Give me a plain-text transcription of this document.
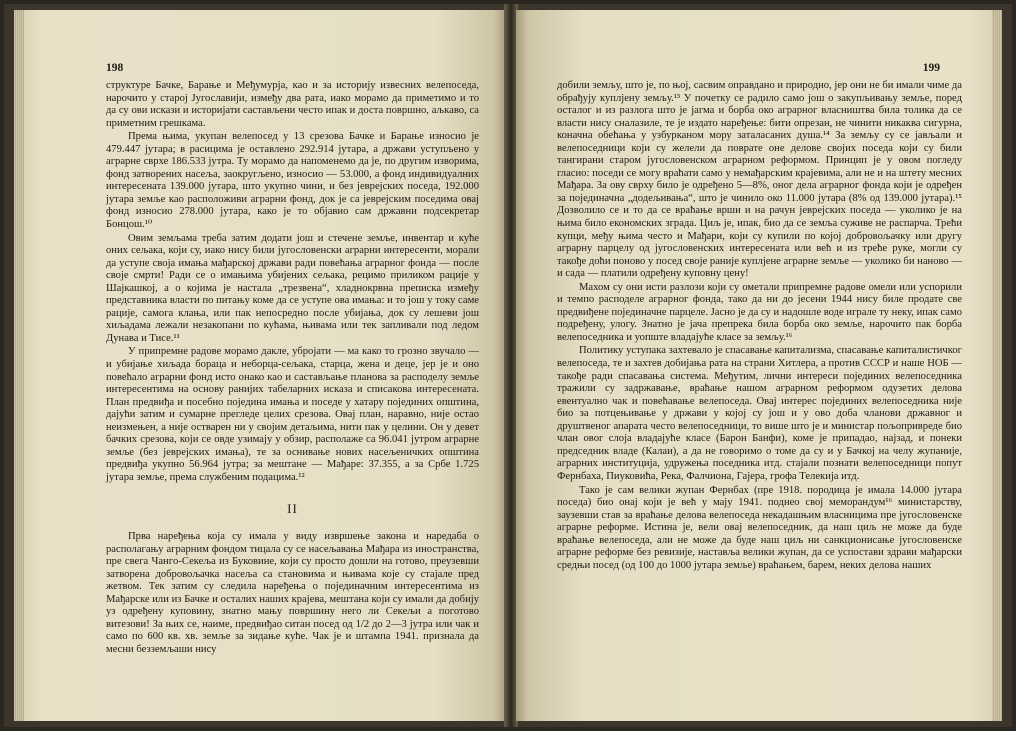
198

структуре Бачке, Барање и Међумурја, као и за историју извесних велепоседа, нарочито у старој Југославији, између два рата, иако морамо да приметимо и то да су ови искази и историјати састављени често ипак и доста површно, аљкаво, са приметним грешкама.

Према њима, укупан велепосед у 13 срезова Бачке и Барање износио је 479.447 јутара; в расицима је оставлено 292.914 јутара, а држави уступљено у аграрне сврхе 186.533 јутра. Ту морамо да напоменемо да је, по другим изворима, фонд затворених насеља, заокругљено, износио — 53.000, а фонд индивидуалних интересената 139.000 јутара, што укупно чини, и без јеврејских поседа, 192.000 јутара земље као расположиви аграрни фонд, док је са јеврејским поседима овај фонд износио 278.000 јутара, како је то објавио сам државни подсекретар Бонцош.¹⁰

Овим земљама треба затим додати још и стечене земље, инвентар и куће оних сељака, који су, иако нису били југословенски аграрни интересенти, морали да уступе своја имања мађарској држави ради повећања аграрног фонда — после своје смрти! Ради се о имањима убијених сељака, рецимо приликом рације у Шајкашкој, а о којима је настала „трезвена“, хладнокрвна преписка између представника власти по питању коме да се уступе ова имања: и то још у току саме рације, самога клања, или пак непосредно после убијања, док су лешеви још хиљадама лежали незакопани по кућама, њивама или тек запливали под ледом Дунава и Тисе.¹¹

У припремне радове морамо дакле, убројати — ма како то грозно звучало — и убијање хиљада бораца и неборца-сељака, старца, жена и деце, јер је и оно повећало аграрни фонд исто онако као и састављање планова за расподелу земље интересентима на основу ранијих табеларних исказа и списакова интересената. План предвиђа и посебно поједина имања и поседе у хатару појединих општина, дајући затим и сумарне прегледе целих срезова. Овај план, наравно, није остао неизмењен, а није остварен ни у својим детаљима, нити пак у целини. Он у девет бачких срезова, који се овде узимају у обзир, располаже са 96.041 јутром аграрне земље (без јеврејских имања), те за оснивање нових насељеничких општина предвиђа укупно 56.964 јутра; за мештане — Мађаре: 37.355, а за Србе 1.725 јутара земље, према службеним подацима.¹²

II

Прва наређења која су имала у виду извршење закона и наредаба о располагању аграрним фондом тицала су се насељавања Мађара из иностранства, пре свега Чангo-Секеља из Буковине, који су просто дошли на готово, преузевши затворена добровољачка насеља са становима и њивама које су стајале пред жетвом. Тек затим су следила наређења о појединачним интересентима из Мађарске или из Бачке и осталих наших крајева, мештана који су имали да добију уз одређену куповину, знатно мању површину него ли Секељи а поготово витезови! За њих се, наиме, предвиђао ситан посед од 1/2 до 2—3 јутра или чак и само по 600 кв. хв. земље за зидање куће. Чак је и штампа 1941. признала да месни безземљаши нису

199

добили земљу, што је, по њој, сасвим оправдано и природно, јер они не би имали чиме да обрађују куплјену земљу.¹³ У почетку се радило само још о закупљивању земље, поред осталог и из разлога што је јагма и борба око аграрног власништва била толика да се власти нису сналазиле, те је издато наређење: бити опрезан, не чинити никаква сигурна, коначна обећања у узбурканом мору заталасаних душа.¹⁴ За земљу су се јављали и велепоседници који су желели да поврате оне делове својих поседа који су били тангирани старом југословенском аграрном реформом. Принцип је у овом погледу гласио: поседи се могу враћати само у немађарским крајевима, али не и на штету месних Мађара. За ову сврху било је одређено 5—8%, оног дела аграрног фонда који је одређен за појединачна „додељивања“, што је чинило око 11.000 јутара (8% од 139.000 јутара).¹⁵ Дозволило се и то да се враћање врши и на рачун јеврејских поседа — уколико је на њима било економских зграда. Циљ је, ипак, био да се земља суживе не распарча. Трећи купци, међу њима често и Мађари, који су купили по којој добровољачку или другу аграрну парцелу од југословенских интересената или већ и из треће руке, могли су такође доћи поново у посед своје раније куплјене аграрне земље — уколико би наново — и сада — платили одређену куповну цену!

Махом су они исти разлози који су ометали припремне радове омели или успорили и темпо расподеле аграрног фонда, тако да ни до јесени 1944 нису биле продате све предвиђене појединачне парцеле. Јасно је да су и надошле воде играле ту неку, ипак само подређену, улогу. Знатно је јача препрека била борба око земље, нарочито пак борба велепоседника и уопште владајуће класе за земљу.¹⁶

Политику уступака захтевало је спасавање капитализма, спасавање капиталистичког велепоседа, те и захтев добијања рата на страни Хитлера, а против СССР и наше НОБ — такође ради спасавања система. Међутим, лични интереси појединих велепоседника тражили су задржавање, враћање нашом аграрном реформом одузетих делова евентуално чак и повећавање велепоседа. Овај интерес појединих велепоседника није био за потцењивање у држави у којој су још и у ово доба чланови државног и друштвеног апарата често велепоседници, то више што је и министар пољопривреде био члан овог слоја владајуће класе (Барон Банфи), коме је припадао, најзад, и понеки председник владе (Калаи), а да не говоримо о томе да су и у Бачкој на челу жупаније, аграрних институција, удружења поседника итд. стајали познати велепоседници попут Фернбаха, Пиуковића, Река, Фалчиона, Гајера, грофа Телекија итд.

Тако је сам велики жупан Фернбах (пре 1918. породица је имала 14.000 јутара поседа) био онај који је већ у мају 1941. поднео свој меморандум¹⁶ министарству, заузевши став за враћање делова велепоседа некадашњим власницима пре југословенске аграрне реформе. Истина је, вели овај велепоседник, да наш циљ не може да буде враћање велепоседа, али не може да буде наш циљ ни санкционисање југословенске аграрне реформе без ревизије, наставља велики жупан, да се успостави здрави мађарски средњи посед (од 100 до 1000 јутара земље) враћањем, барем, неких делова наших
